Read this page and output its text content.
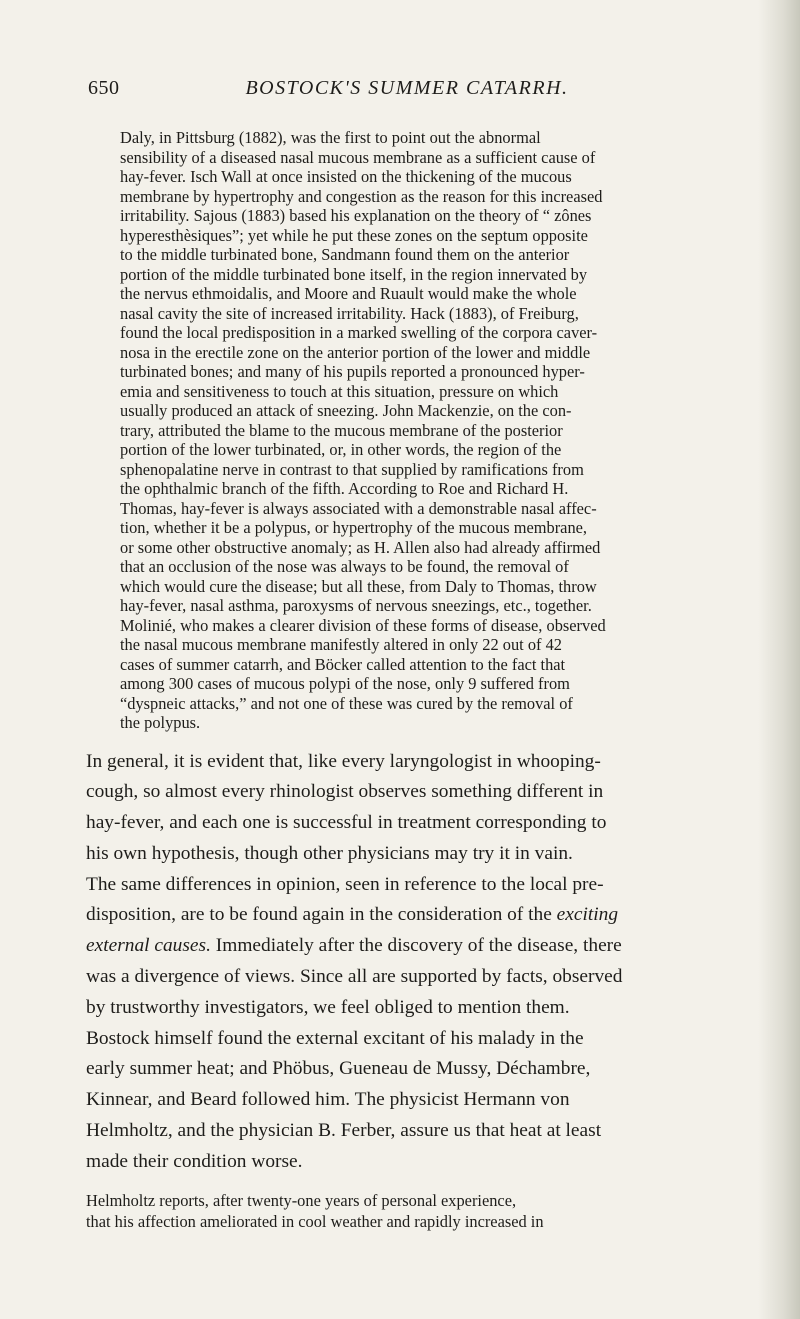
650	BOSTOCK'S SUMMER CATARRH.

Daly, in Pittsburg (1882), was the first to point out the abnormal
sensibility of a diseased nasal mucous membrane as a sufficient cause of
hay-fever. Isch Wall at once insisted on the thickening of the mucous
membrane by hypertrophy and congestion as the reason for this increased
irritability. Sajous (1883) based his explanation on the theory of “ zônes
hyperesthèsiques”; yet while he put these zones on the septum opposite
to the middle turbinated bone, Sandmann found them on the anterior
portion of the middle turbinated bone itself, in the region innervated by
the nervus ethmoidalis, and Moore and Ruault would make the whole
nasal cavity the site of increased irritability. Hack (1883), of Freiburg,
found the local predisposition in a marked swelling of the corpora caver-
nosa in the erectile zone on the anterior portion of the lower and middle
turbinated bones; and many of his pupils reported a pronounced hyper-
emia and sensitiveness to touch at this situation, pressure on which
usually produced an attack of sneezing. John Mackenzie, on the con-
trary, attributed the blame to the mucous membrane of the posterior
portion of the lower turbinated, or, in other words, the region of the
sphenopalatine nerve in contrast to that supplied by ramifications from
the ophthalmic branch of the fifth. According to Roe and Richard H.
Thomas, hay-fever is always associated with a demonstrable nasal affec-
tion, whether it be a polypus, or hypertrophy of the mucous membrane,
or some other obstructive anomaly; as H. Allen also had already affirmed
that an occlusion of the nose was always to be found, the removal of
which would cure the disease; but all these, from Daly to Thomas, throw
hay-fever, nasal asthma, paroxysms of nervous sneezings, etc., together.
Molinié, who makes a clearer division of these forms of disease, observed
the nasal mucous membrane manifestly altered in only 22 out of 42
cases of summer catarrh, and Böcker called attention to the fact that
among 300 cases of mucous polypi of the nose, only 9 suffered from
“dyspneic attacks,” and not one of these was cured by the removal of
the polypus.

In general, it is evident that, like every laryngologist in whooping-
cough, so almost every rhinologist observes something different in
hay-fever, and each one is successful in treatment corresponding to
his own hypothesis, though other physicians may try it in vain.

The same differences in opinion, seen in reference to the local pre-
disposition, are to be found again in the consideration of the exciting
external causes. Immediately after the discovery of the disease, there
was a divergence of views. Since all are supported by facts, observed
by trustworthy investigators, we feel obliged to mention them.

Bostock himself found the external excitant of his malady in the
early summer heat; and Phöbus, Gueneau de Mussy, Déchambre,
Kinnear, and Beard followed him. The physicist Hermann von
Helmholtz, and the physician B. Ferber, assure us that heat at least
made their condition worse.

Helmholtz reports, after twenty-one years of personal experience,
that his affection ameliorated in cool weather and rapidly increased in
